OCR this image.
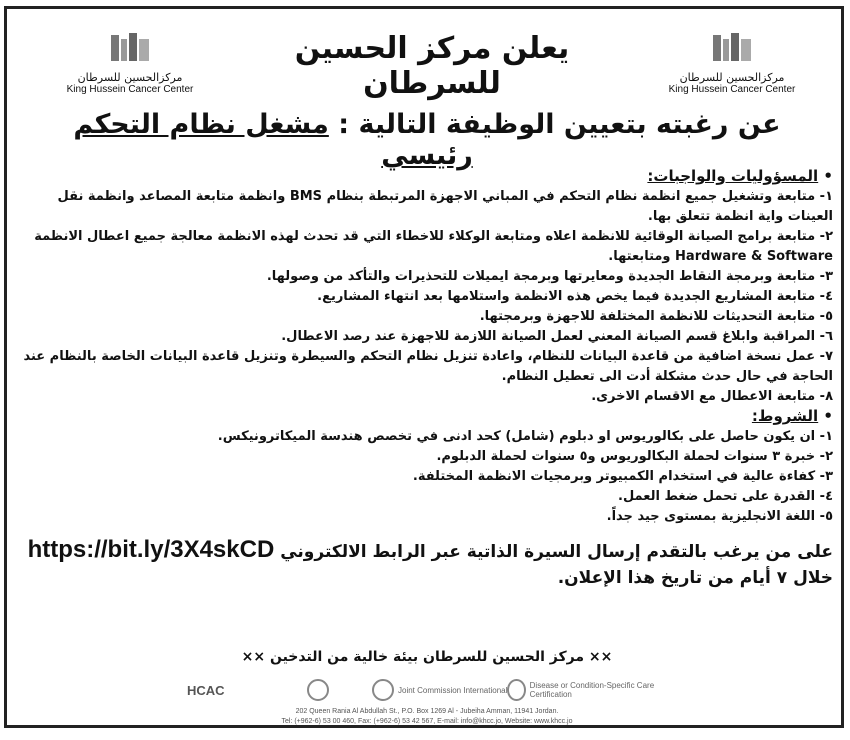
مركزالحسين للسرطان
King Hussein Cancer Center
يعلن مركز الحسين للسرطان	مركزالحسين للسرطان
King Hussein Cancer Center
عن رغبته بتعيين الوظيفة التالية : مشغل نظام التحكم رئيسي
• المسؤوليات والواجبات:
١- متابعة وتشغيل جميع انظمة نظام التحكم في المباني الاجهزة المرتبطة بنظام BMS وانظمة متابعة المصاعد وانظمة نقل العينات واية انظمة تتعلق بها.
٢- متابعة برامج الصيانة الوقائية للانظمة اعلاه ومتابعة الوكلاء للاخطاء التي قد تحدث لهذه الانظمة معالجة جميع اعطال الانظمة Hardware & Software ومتابعتها.
٣- متابعة وبرمجة النقاط الجديدة ومعايرتها وبرمجة ايميلات للتحذيرات والتأكد من وصولها.
٤- متابعة المشاريع الجديدة فيما يخص هذه الانظمة واستلامها بعد انتهاء المشاريع.
٥- متابعة التحديثات للانظمة المختلفة للاجهزة وبرمجتها.
٦- المراقبة وابلاغ قسم الصيانة المعني لعمل الصيانة اللازمة للاجهزة عند رصد الاعطال.
٧- عمل نسخة اضافية من قاعدة البيانات للنظام، واعادة تنزيل نظام التحكم والسيطرة وتنزيل قاعدة البيانات الخاصة بالنظام عند الحاجة في حال حدث مشكلة أدت الى تعطيل النظام.
٨- متابعة الاعطال مع الاقسام الاخرى.
• الشروط:
١- ان يكون حاصل على بكالوريوس او دبلوم (شامل) كحد ادنى في تخصص هندسة الميكاترونيكس.
٢- خبرة ٣ سنوات لحملة البكالوريوس و٥ سنوات لحملة الدبلوم.
٣- كفاءة عالية في استخدام الكمبيوتر وبرمجيات الانظمة المختلفة.
٤- القدرة على تحمل ضغط العمل.
٥- اللغة الانجليزية بمستوى جيد جداً.
على من يرغب بالتقدم إرسال السيرة الذاتية عبر الرابط الالكتروني https://bit.ly/3X4skCD
خلال ٧ أيام من تاريخ هذا الإعلان.
×× مركز الحسين للسرطان بيئة خالية من التدخين ××
HCAC	Joint Commission International	Disease or Condition-Specific Care Certification
202 Queen Rania Al Abdullah St., P.O. Box 1269 Al - Jubeiha Amman, 11941 Jordan.
Tel: (+962-6) 53 00 460, Fax: (+962-6) 53 42 567, E-mail: info@khcc.jo, Website: www.khcc.jo
